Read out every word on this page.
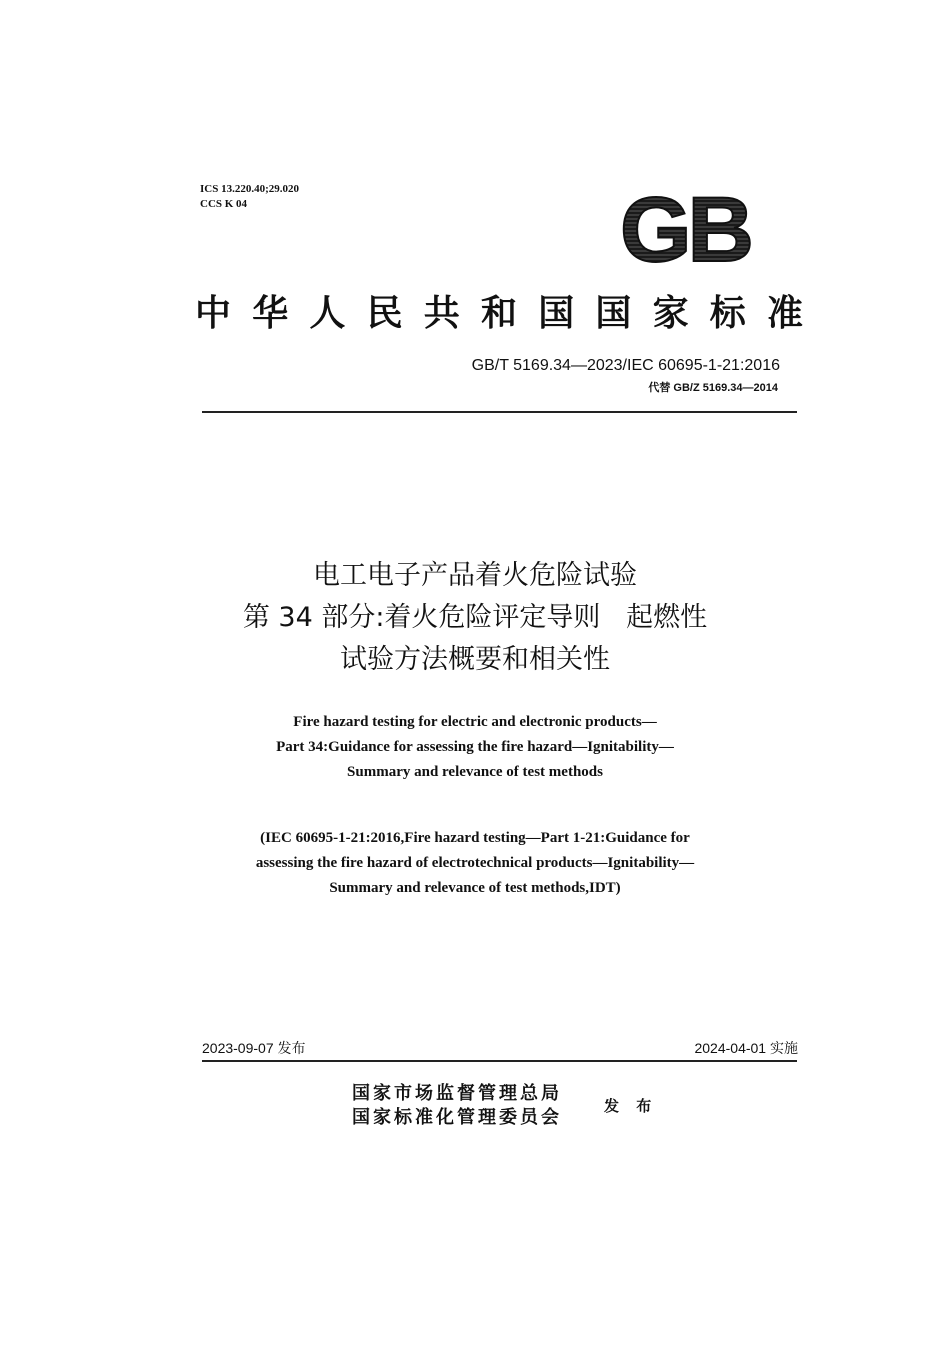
ICS 13.220.40;29.020
CCS K 04	GB
中华人民共和国国家标准
GB/T 5169.34—2023/IEC 60695-1-21:2016
代替 GB/Z 5169.34—2014
电工电子产品着火危险试验
第 34 部分:着火危险评定导则   起燃性
试验方法概要和相关性
Fire hazard testing for electric and electronic products—
Part 34:Guidance for assessing the fire hazard—Ignitability—
Summary and relevance of test methods
(IEC 60695-1-21:2016,Fire hazard testing—Part 1-21:Guidance for
assessing the fire hazard of electrotechnical products—Ignitability—
Summary and relevance of test methods,IDT)
2023-09-07 发布	2024-04-01 实施
国家市场监督管理总局
国家标准化管理委员会
发 布
